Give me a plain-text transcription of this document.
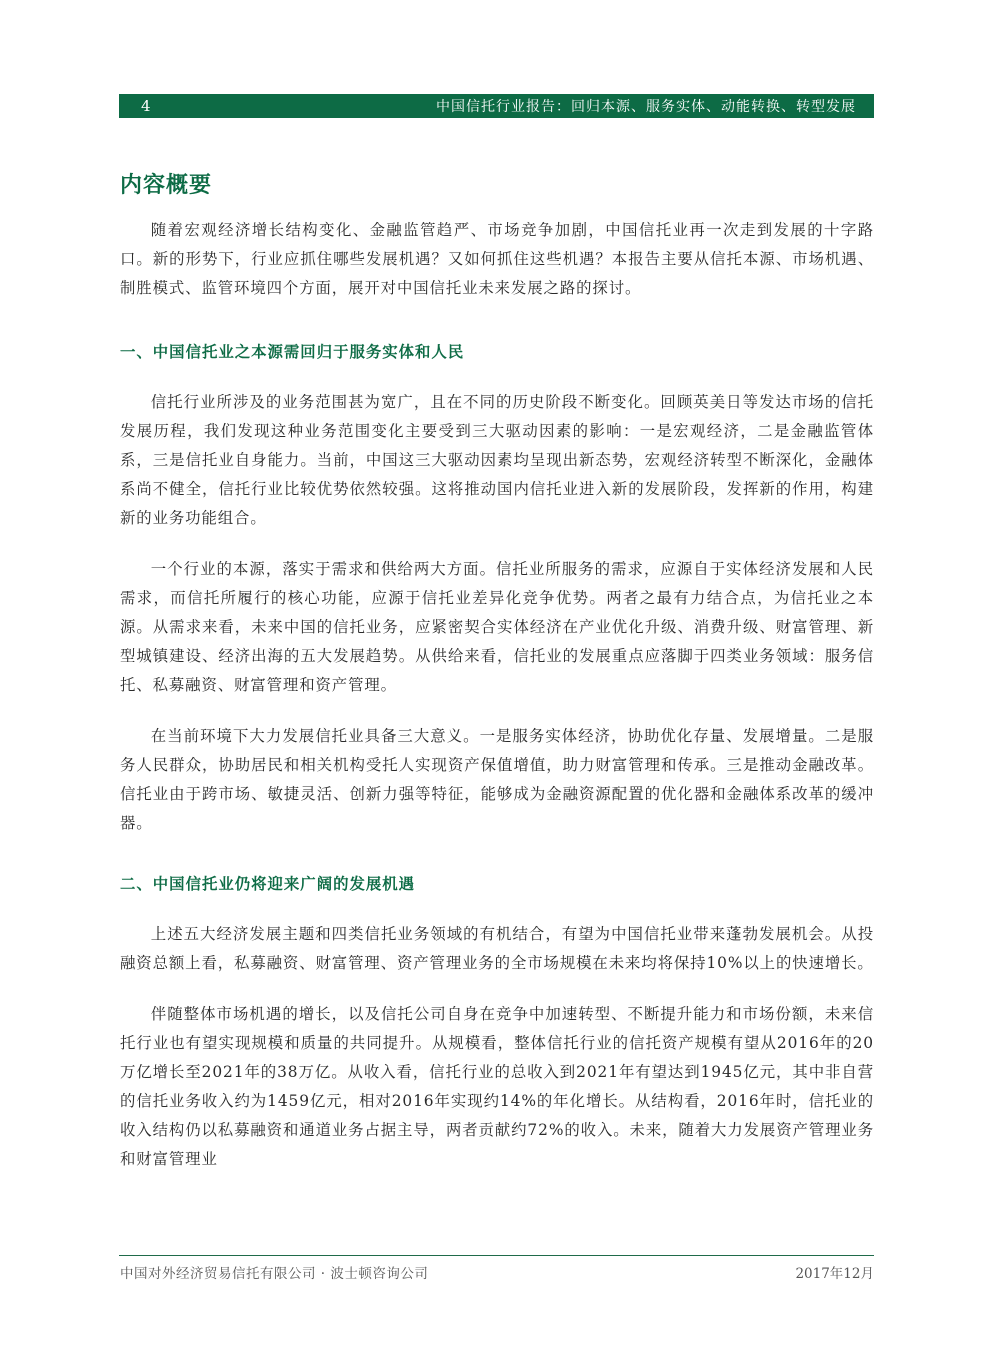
4	中国信托行业报告：回归本源、服务实体、动能转换、转型发展
内容概要

随着宏观经济增长结构变化、金融监管趋严、市场竞争加剧，中国信托业再一次走到发展的十字路口。新的形势下，行业应抓住哪些发展机遇？又如何抓住这些机遇？本报告主要从信托本源、市场机遇、制胜模式、监管环境四个方面，展开对中国信托业未来发展之路的探讨。

一、中国信托业之本源需回归于服务实体和人民

信托行业所涉及的业务范围甚为宽广，且在不同的历史阶段不断变化。回顾英美日等发达市场的信托发展历程，我们发现这种业务范围变化主要受到三大驱动因素的影响：一是宏观经济，二是金融监管体系，三是信托业自身能力。当前，中国这三大驱动因素均呈现出新态势，宏观经济转型不断深化，金融体系尚不健全，信托行业比较优势依然较强。这将推动国内信托业进入新的发展阶段，发挥新的作用，构建新的业务功能组合。

一个行业的本源，落实于需求和供给两大方面。信托业所服务的需求，应源自于实体经济发展和人民需求，而信托所履行的核心功能，应源于信托业差异化竞争优势。两者之最有力结合点，为信托业之本源。从需求来看，未来中国的信托业务，应紧密契合实体经济在产业优化升级、消费升级、财富管理、新型城镇建设、经济出海的五大发展趋势。从供给来看，信托业的发展重点应落脚于四类业务领域：服务信托、私募融资、财富管理和资产管理。

在当前环境下大力发展信托业具备三大意义。一是服务实体经济，协助优化存量、发展增量。二是服务人民群众，协助居民和相关机构受托人实现资产保值增值，助力财富管理和传承。三是推动金融改革。信托业由于跨市场、敏捷灵活、创新力强等特征，能够成为金融资源配置的优化器和金融体系改革的缓冲器。

二、中国信托业仍将迎来广阔的发展机遇

上述五大经济发展主题和四类信托业务领域的有机结合，有望为中国信托业带来蓬勃发展机会。从投融资总额上看，私募融资、财富管理、资产管理业务的全市场规模在未来均将保持10%以上的快速增长。

伴随整体市场机遇的增长，以及信托公司自身在竞争中加速转型、不断提升能力和市场份额，未来信托行业也有望实现规模和质量的共同提升。从规模看，整体信托行业的信托资产规模有望从2016年的20万亿增长至2021年的38万亿。从收入看，信托行业的总收入到2021年有望达到1945亿元，其中非自营的信托业务收入约为1459亿元，相对2016年实现约14%的年化增长。从结构看，2016年时，信托业的收入结构仍以私募融资和通道业务占据主导，两者贡献约72%的收入。未来，随着大力发展资产管理业务和财富管理业

中国对外经济贸易信托有限公司 · 波士顿咨询公司	2017年12月
